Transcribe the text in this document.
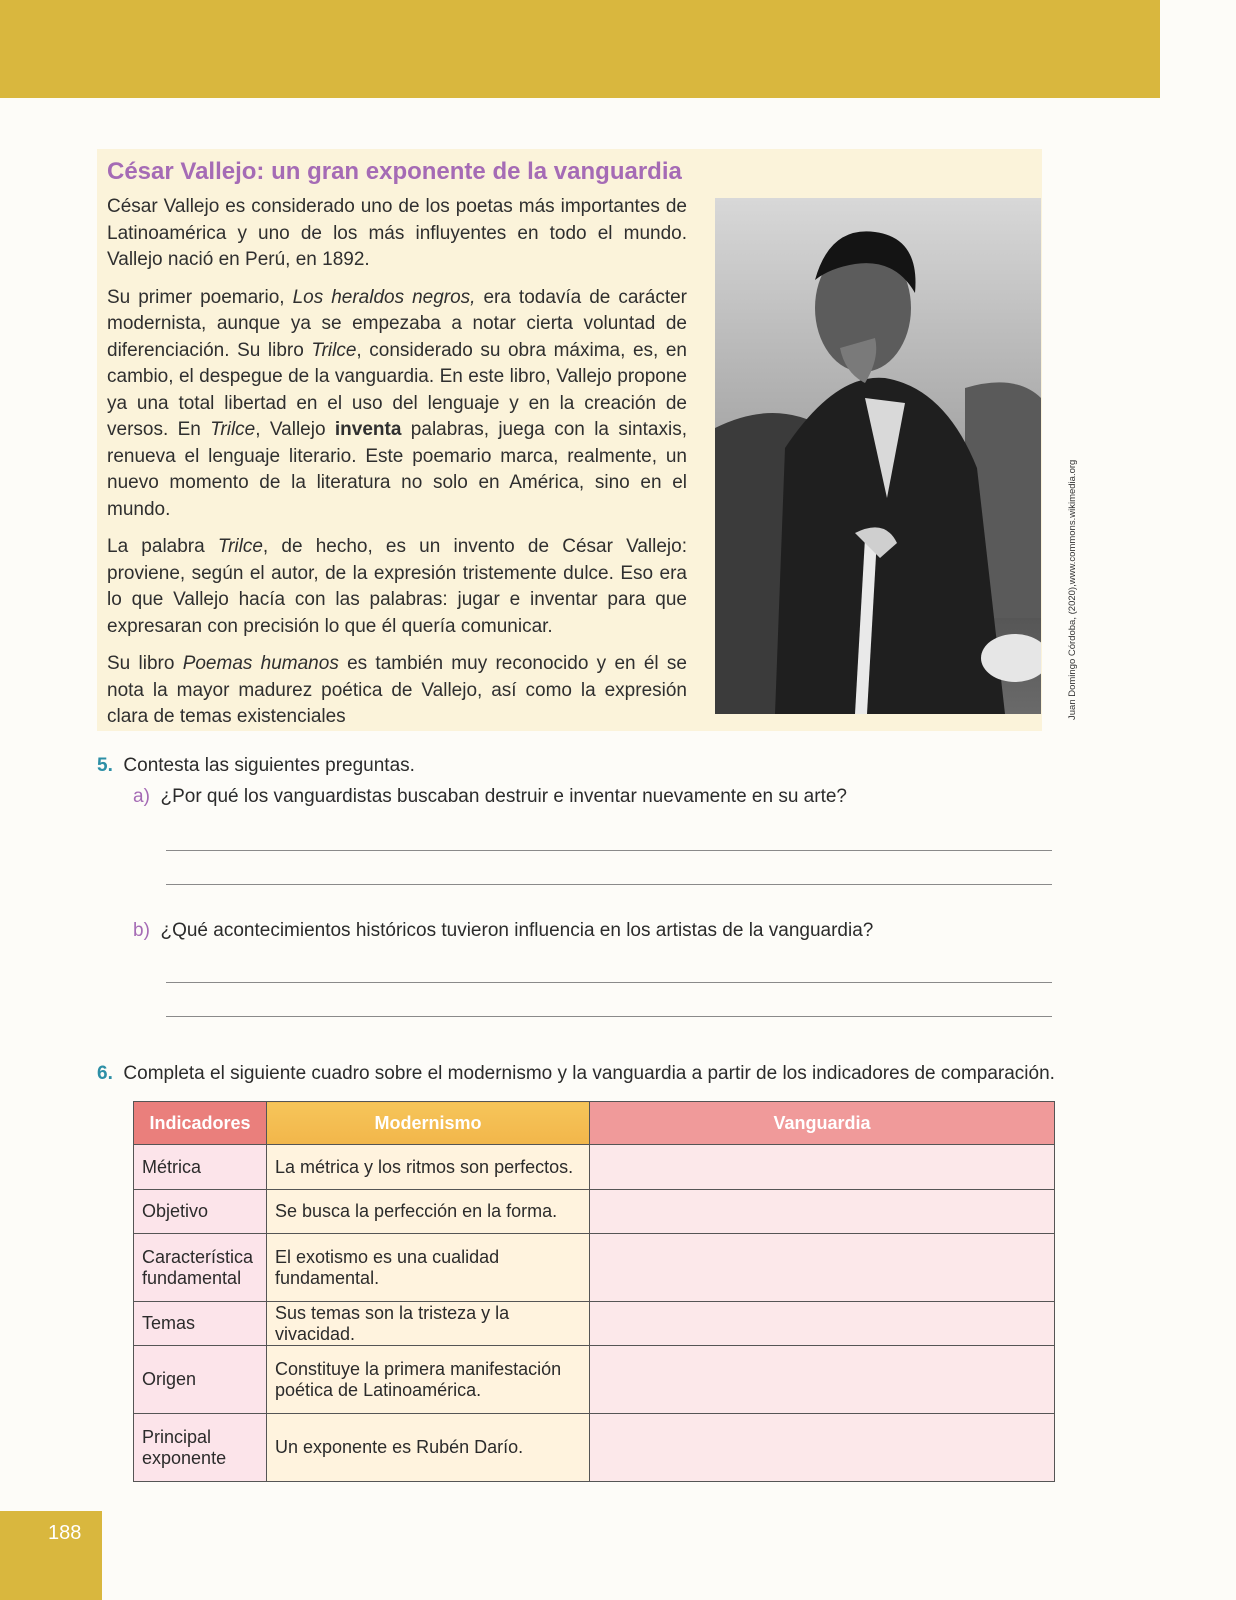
César Vallejo: un gran exponente de la vanguardia

César Vallejo es considerado uno de los poetas más importantes de Latinoamérica y uno de los más influyentes en todo el mundo. Vallejo nació en Perú, en 1892.

Su primer poemario, Los heraldos negros, era todavía de carácter modernista, aunque ya se empezaba a notar cierta voluntad de diferenciación. Su libro Trilce, considerado su obra máxima, es, en cambio, el despegue de la vanguardia. En este libro, Vallejo propone ya una total libertad en el uso del lenguaje y en la creación de versos. En Trilce, Vallejo inventa palabras, juega con la sintaxis, renueva el lenguaje literario. Este poemario marca, realmente, un nuevo momento de la literatura no solo en América, sino en el mundo.

La palabra Trilce, de hecho, es un invento de César Vallejo: proviene, según el autor, de la expresión tristemente dulce. Eso era lo que Vallejo hacía con las palabras: jugar e inventar para que expresaran con precisión lo que él quería comunicar.

Su libro Poemas humanos es también muy reconocido y en él se nota la mayor madurez poética de Vallejo, así como la expresión clara de temas existenciales	Juan Domingo Córdoba, (2020),www.commons.wikimedia.org
5. Contesta las siguientes preguntas.
a) ¿Por qué los vanguardistas buscaban destruir e inventar nuevamente en su arte?
b) ¿Qué acontecimientos históricos tuvieron influencia en los artistas de la vanguardia?
6. Completa el siguiente cuadro sobre el modernismo y la vanguardia a partir de los indicadores de comparación.
Indicadores	Modernismo	Vanguardia
Métrica	La métrica y los ritmos son perfectos.	
Objetivo	Se busca la perfección en la forma.	
Característica fundamental	El exotismo es una cualidad fundamental.	
Temas	Sus temas son la tristeza y la vivacidad.	
Origen	Constituye la primera manifestación poética de Latinoamérica.	
Principal exponente	Un exponente es Rubén Darío.	
188
